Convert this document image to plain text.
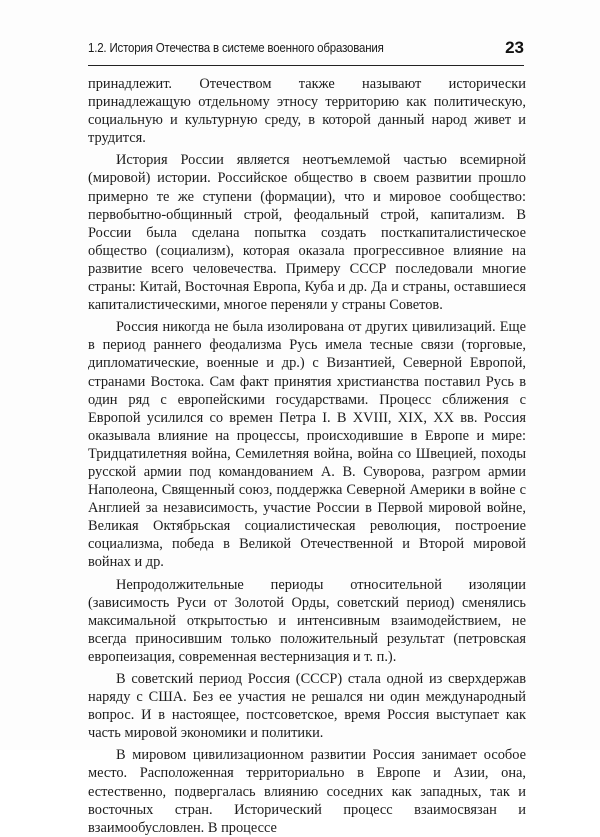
1.2. История Отечества в системе военного образования	23

принадлежит. Отечеством также называют исторически принадлежащую отдельному этносу территорию как политическую, социальную и культурную среду, в которой данный народ живет и трудится.

История России является неотъемлемой частью всемирной (мировой) истории. Российское общество в своем развитии прошло примерно те же ступени (формации), что и мировое сообщество: первобытно-общинный строй, феодальный строй, капитализм. В России была сделана попытка создать посткапиталистическое общество (социализм), которая оказала прогрессивное влияние на развитие всего человечества. Примеру СССР последовали многие страны: Китай, Восточная Европа, Куба и др. Да и страны, оставшиеся капиталистическими, многое переняли у страны Советов.

Россия никогда не была изолирована от других цивилизаций. Еще в период раннего феодализма Русь имела тесные связи (торговые, дипломатические, военные и др.) с Византией, Северной Европой, странами Востока. Сам факт принятия христианства поставил Русь в один ряд с европейскими государствами. Процесс сближения с Европой усилился со времен Петра I. В XVIII, XIX, XX вв. Россия оказывала влияние на процессы, происходившие в Европе и мире: Тридцатилетняя война, Семилетняя война, война со Швецией, походы русской армии под командованием А. В. Суворова, разгром армии Наполеона, Священный союз, поддержка Северной Америки в войне с Англией за независимость, участие России в Первой мировой войне, Великая Октябрьская социалистическая революция, построение социализма, победа в Великой Отечественной и Второй мировой войнах и др.

Непродолжительные периоды относительной изоляции (зависимость Руси от Золотой Орды, советский период) сменялись максимальной открытостью и интенсивным взаимодействием, не всегда приносившим только положительный результат (петровская европеизация, современная вестернизация и т. п.).

В советский период Россия (СССР) стала одной из сверхдержав наряду с США. Без ее участия не решался ни один международный вопрос. И в настоящее, постсоветское, время Россия выступает как часть мировой экономики и политики.

В мировом цивилизационном развитии Россия занимает особое место. Расположенная территориально в Европе и Азии, она, естественно, подвергалась влиянию соседних как западных, так и восточных стран. Исторический процесс взаимосвязан и взаимообусловлен. В процессе
